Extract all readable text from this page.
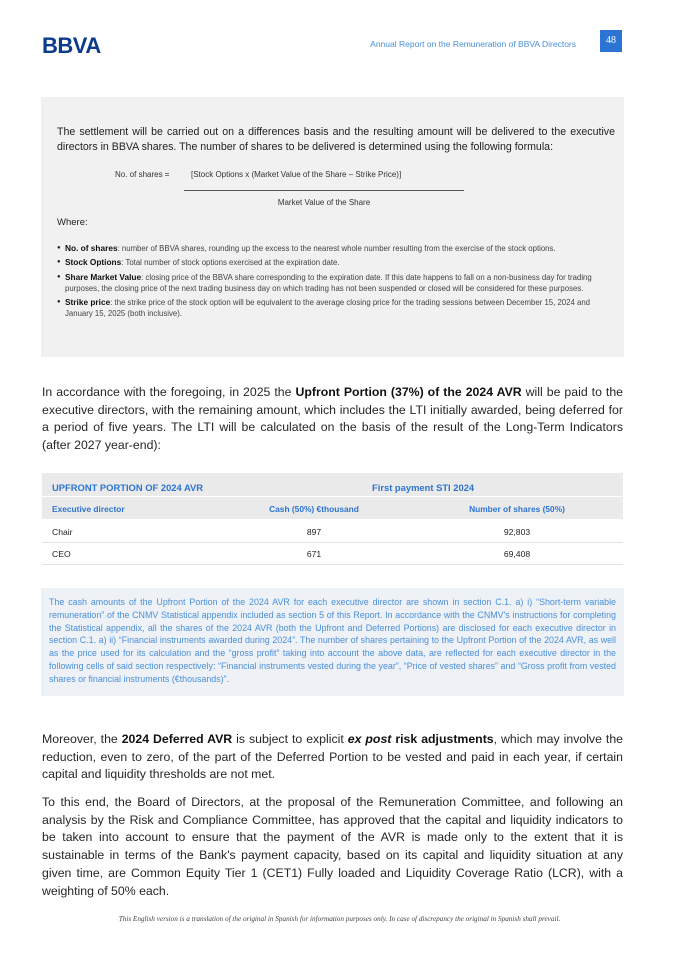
BBVA	Annual Report on the Remuneration of BBVA Directors	48

The settlement will be carried out on a differences basis and the resulting amount will be delivered to the executive directors in BBVA shares. The number of shares to be delivered is determined using the following formula:

No. of shares =	[Stock Options x (Market Value of the Share – Strike Price)]
Market Value of the Share
Where:
● No. of shares: number of BBVA shares, rounding up the excess to the nearest whole number resulting from the exercise of the stock options.
● Stock Options: Total number of stock options exercised at the expiration date.
● Share Market Value: closing price of the BBVA share corresponding to the expiration date. If this date happens to fall on a non-business day for trading purposes, the closing price of the next trading business day on which trading has not been suspended or closed will be considered for these purposes.
● Strike price: the strike price of the stock option will be equivalent to the average closing price for the trading sessions between December 15, 2024 and January 15, 2025 (both inclusive).

In accordance with the foregoing, in 2025 the Upfront Portion (37%) of the 2024 AVR will be paid to the executive directors, with the remaining amount, which includes the LTI initially awarded, being deferred for a period of five years. The LTI will be calculated on the basis of the result of the Long-Term Indicators (after 2027 year-end):

UPFRONT PORTION OF 2024 AVR	First payment STI 2024
Executive director	Cash (50%) €thousand	Number of shares (50%)
Chair	897	92,803
CEO	671	69,408

The cash amounts of the Upfront Portion of the 2024 AVR for each executive director are shown in section C.1. a) i) “Short-term variable remuneration” of the CNMV Statistical appendix included as section 5 of this Report. In accordance with the CNMV's instructions for completing the Statistical appendix, all the shares of the 2024 AVR (both the Upfront and Deferred Portions) are disclosed for each executive director in section C.1. a) ii) “Financial instruments awarded during 2024”. The number of shares pertaining to the Upfront Portion of the 2024 AVR, as well as the price used for its calculation and the “gross profit” taking into account the above data, are reflected for each executive director in the following cells of said section respectively: “Financial instruments vested during the year”, “Price of vested shares” and “Gross profit from vested shares or financial instruments (€thousands)”.

Moreover, the 2024 Deferred AVR is subject to explicit ex post risk adjustments, which may involve the reduction, even to zero, of the part of the Deferred Portion to be vested and paid in each year, if certain capital and liquidity thresholds are not met.

To this end, the Board of Directors, at the proposal of the Remuneration Committee, and following an analysis by the Risk and Compliance Committee, has approved that the capital and liquidity indicators to be taken into account to ensure that the payment of the AVR is made only to the extent that it is sustainable in terms of the Bank's payment capacity, based on its capital and liquidity situation at any given time, are Common Equity Tier 1 (CET1) Fully loaded and Liquidity Coverage Ratio (LCR), with a weighting of 50% each.

This English version is a translation of the original in Spanish for information purposes only. In case of discrepancy the original in Spanish shall prevail.
